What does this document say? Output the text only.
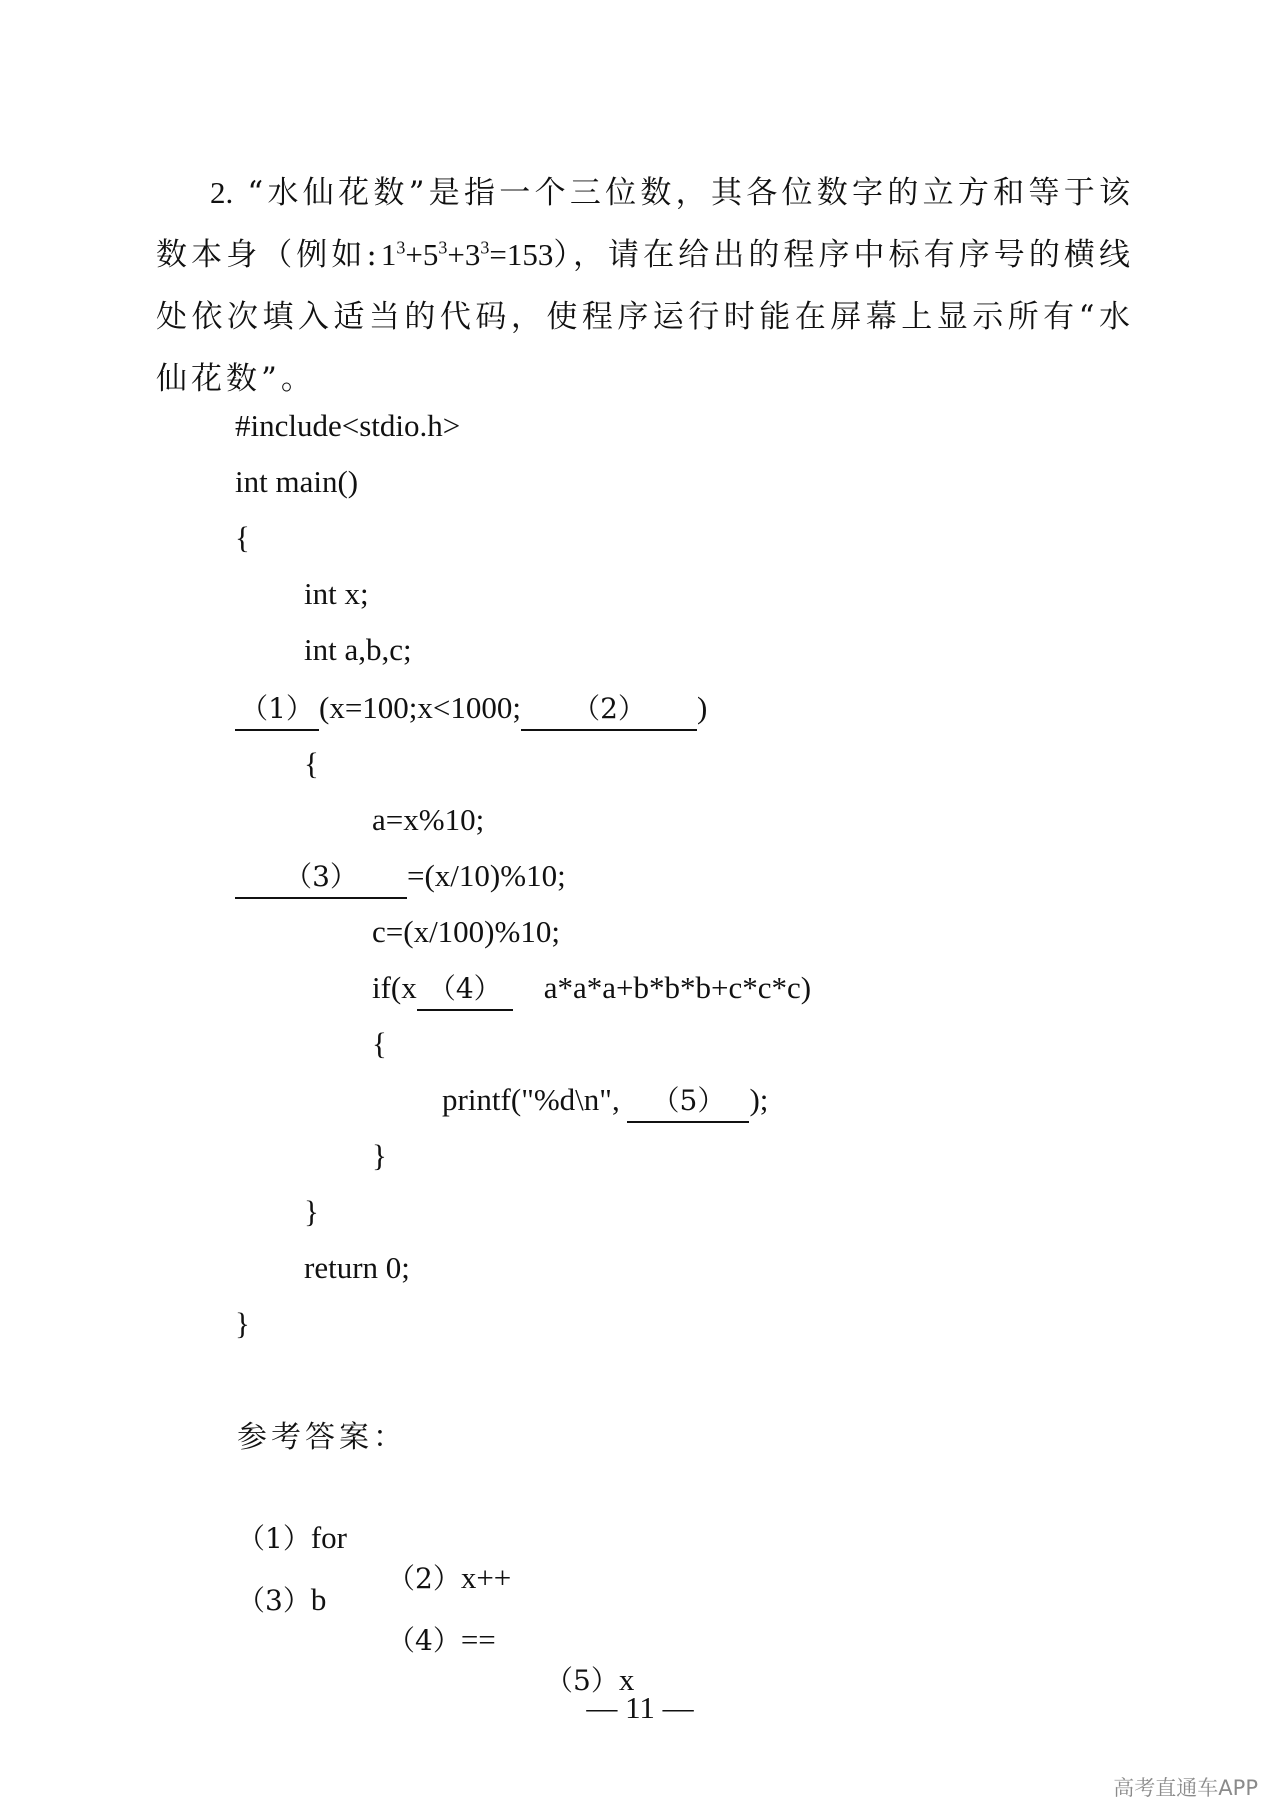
2. “水仙花数”是指一个三位数，其各位数字的立方和等于该数本身（例如$:1^3+5^3+3^3=153$），请在给出的程序中标有序号的横线处依次填入适当的代码，使程序运行时能在屏幕上显示所有“水仙花数”。
#include<stdio.h>
int main()
{
int x;
int a,b,c;
（1） (x=100;x<1000; （2） )
{
a=x%10;
（3） =(x/10)%10;
c=(x/100)%10;
if(x （4） a*a*a+b*b*b+c*c*c)
{
printf("%d\n", （5） );
}
}
return 0;
}
参考答案：

（1）for

（2）x++

（3）b

（4）==

（5）x

— 11 —
高考直通车APP
